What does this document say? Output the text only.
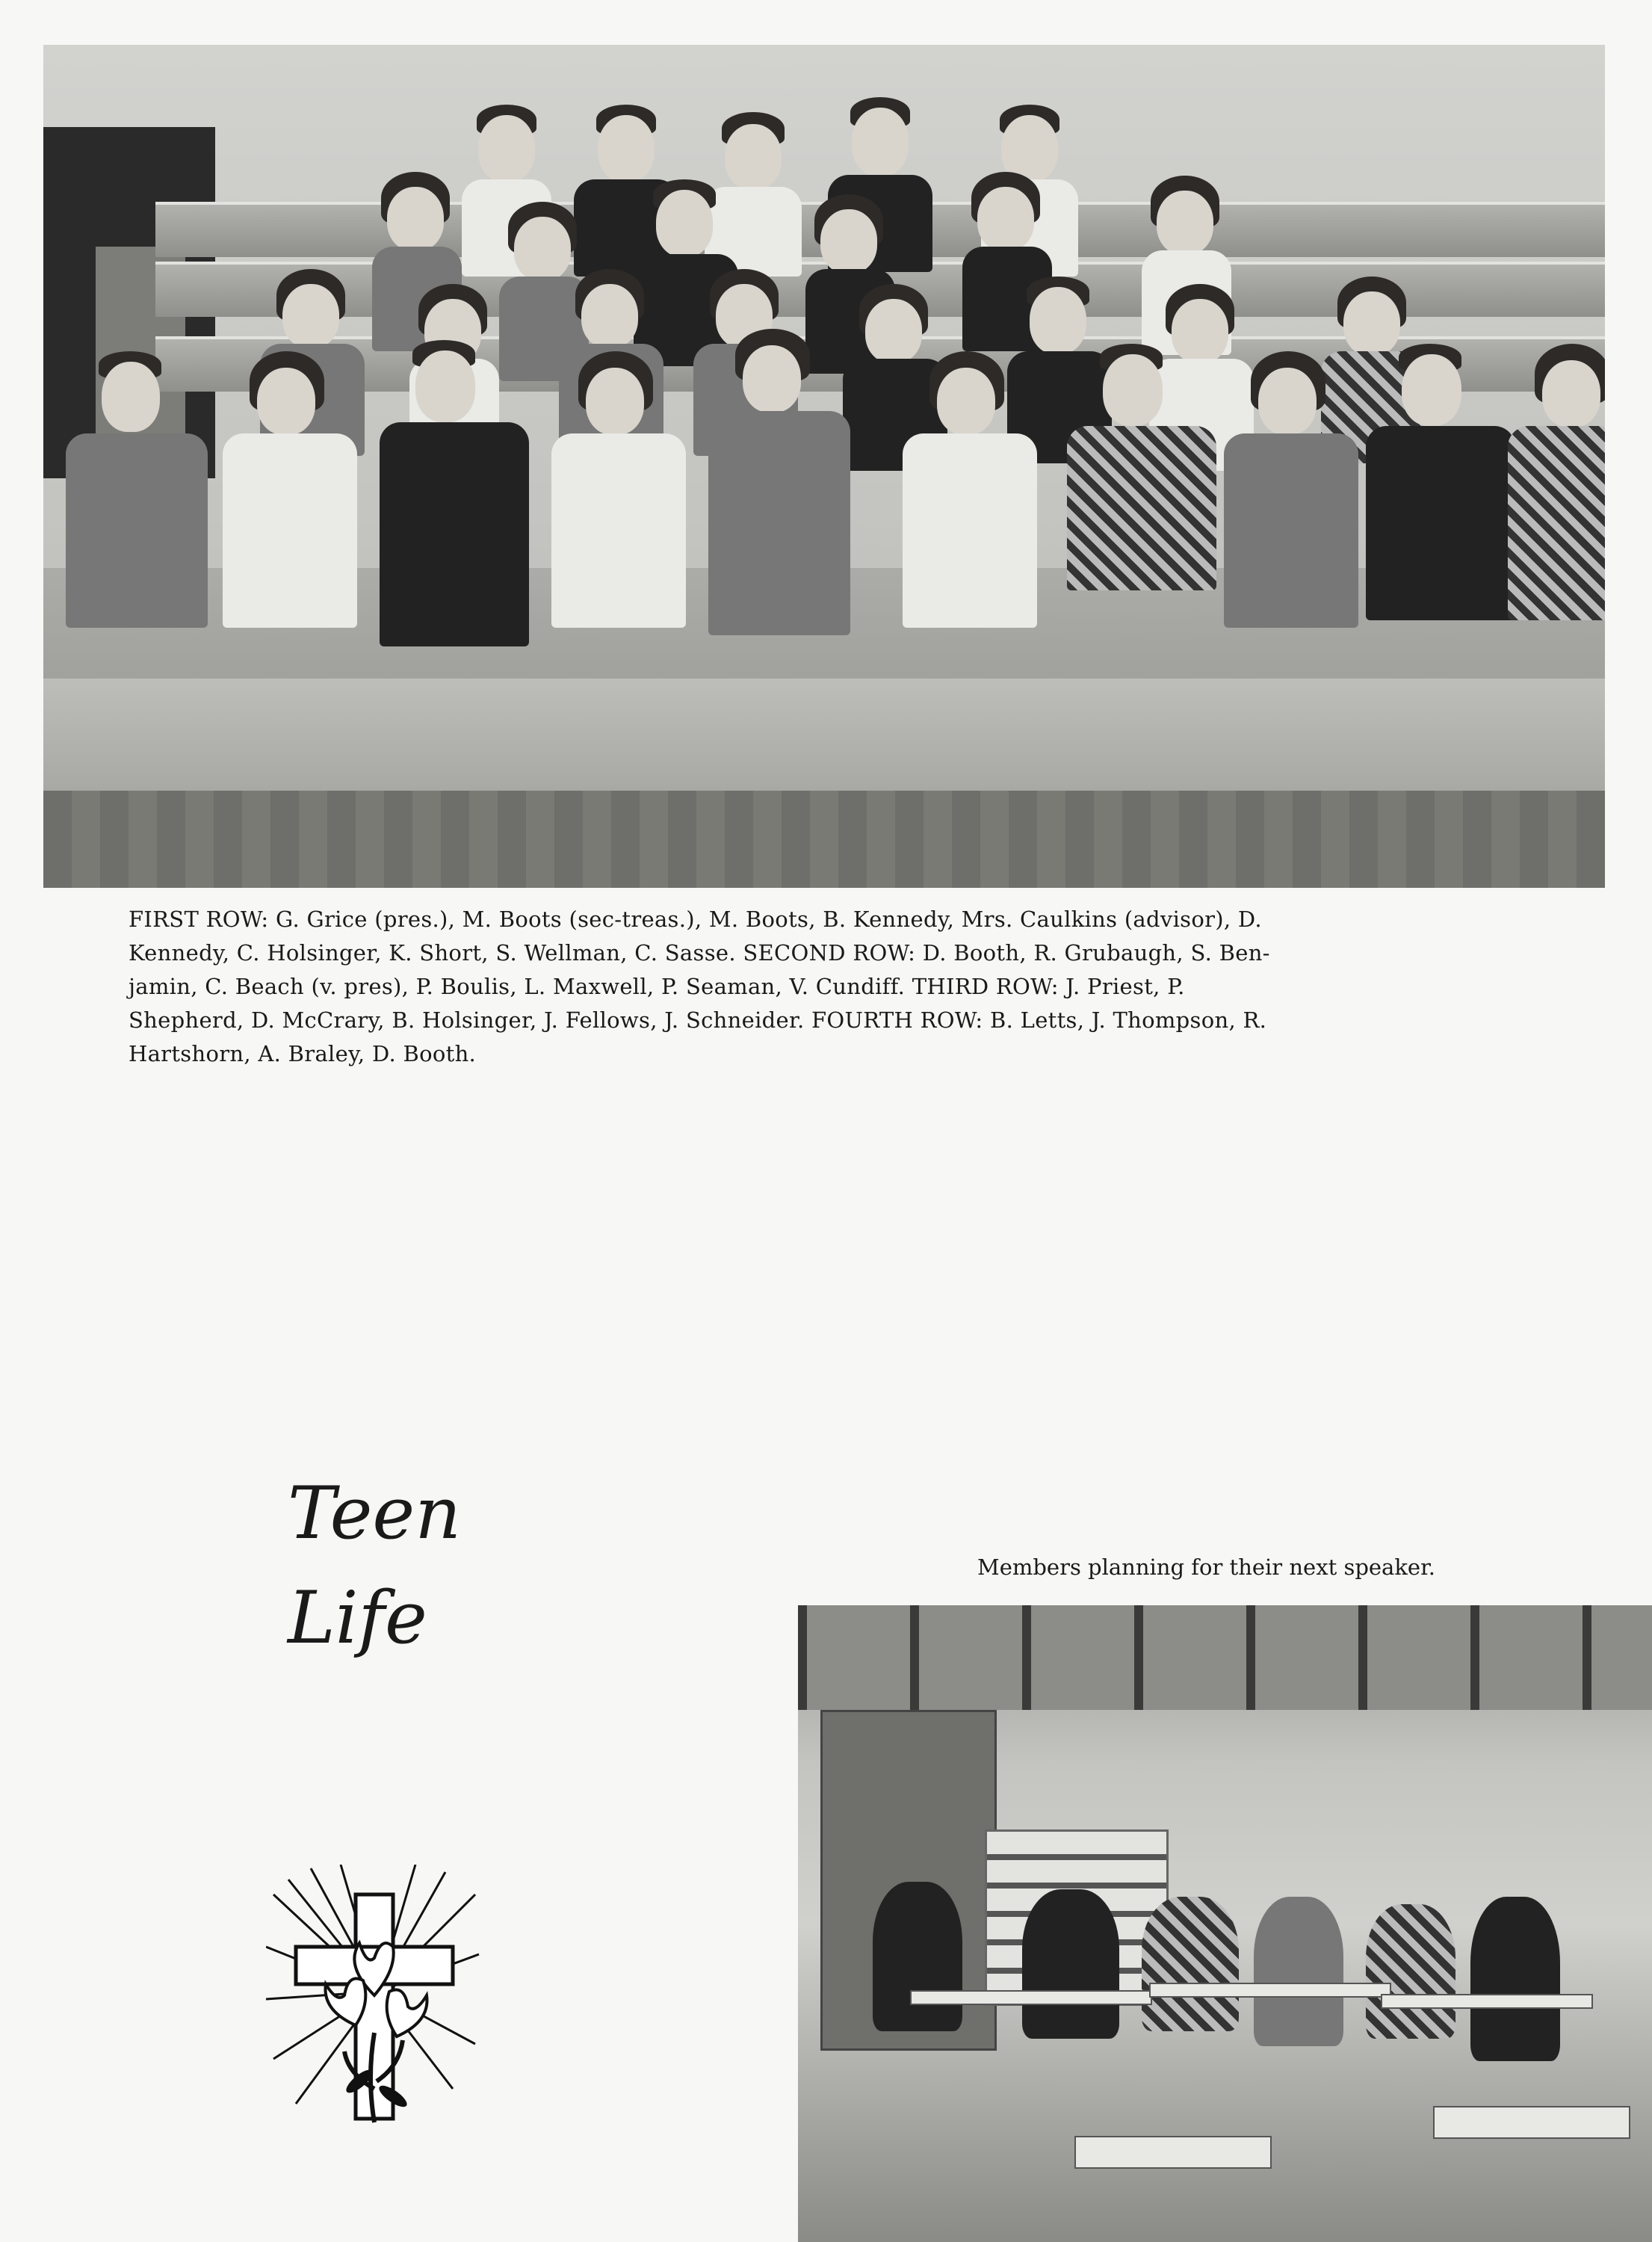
FIRST ROW: G. Grice (pres.), M. Boots (sec-treas.), M. Boots, B. Kennedy, Mrs. Caulkins (advisor), D.
Kennedy, C. Holsinger, K. Short, S. Wellman, C. Sasse. SECOND ROW: D. Booth, R. Grubaugh, S. Ben-
jamin, C. Beach (v. pres), P. Boulis, L. Maxwell, P. Seaman, V. Cundiff. THIRD ROW: J. Priest, P.
Shepherd, D. McCrary, B. Holsinger, J. Fellows, J. Schneider. FOURTH ROW: B. Letts, J. Thompson, R.
Hartshorn, A. Braley, D. Booth.
Teen
Life
Members planning for their next speaker.
